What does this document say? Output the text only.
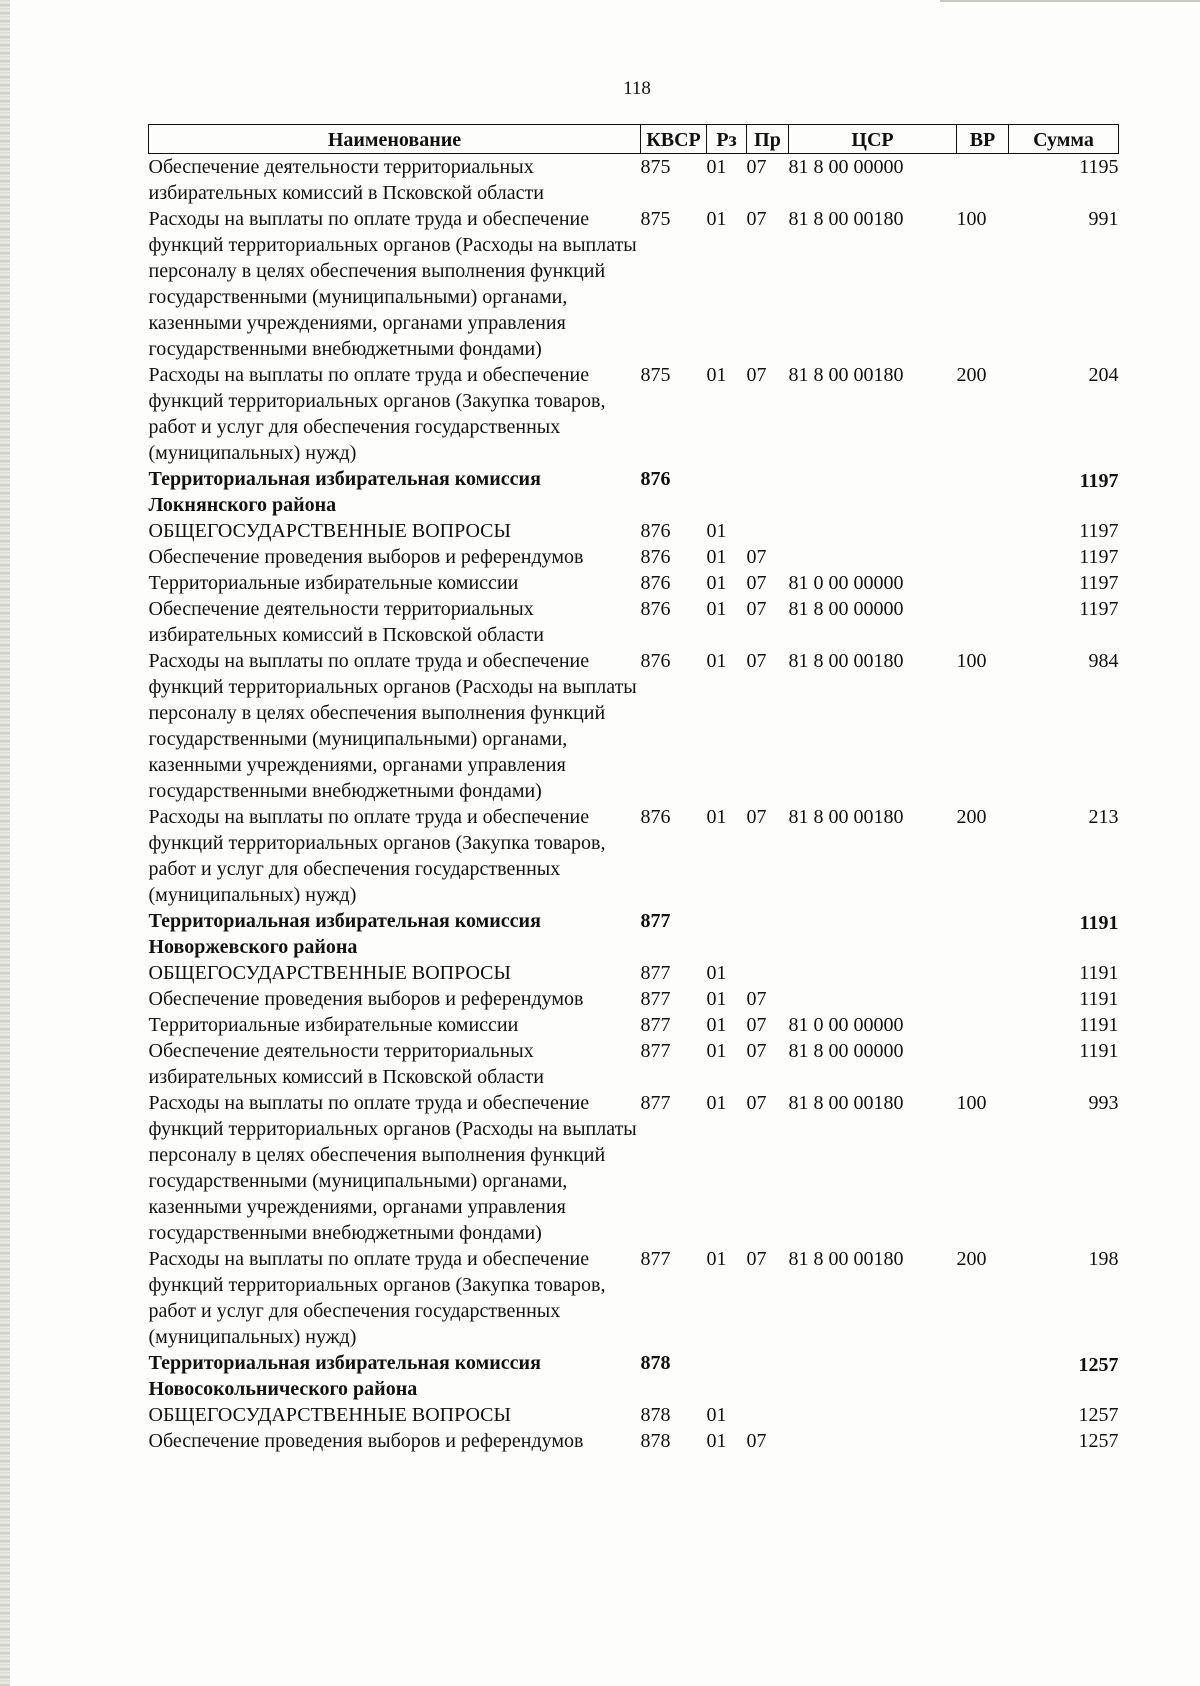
118
Наименование	КВСР	Рз	Пр	ЦСР	ВР	Сумма
Обеспечение деятельности территориальных избирательных комиссий в Псковской области	875	01	07	81 8 00 00000		1195
Расходы на выплаты по оплате труда и обеспечение функций территориальных органов (Расходы на выплаты персоналу в целях обеспечения выполнения функций государственными (муниципальными) органами, казенными учреждениями, органами управления государственными внебюджетными фондами)	875	01	07	81 8 00 00180	100	991
Расходы на выплаты по оплате труда и обеспечение функций территориальных органов (Закупка товаров, работ и услуг для обеспечения государственных (муниципальных) нужд)	875	01	07	81 8 00 00180	200	204
Территориальная избирательная комиссия Локнянского района	876					1197
ОБЩЕГОСУДАРСТВЕННЫЕ ВОПРОСЫ	876	01				1197
Обеспечение проведения выборов и референдумов	876	01	07			1197
Территориальные избирательные комиссии	876	01	07	81 0 00 00000		1197
Обеспечение деятельности территориальных избирательных комиссий в Псковской области	876	01	07	81 8 00 00000		1197
Расходы на выплаты по оплате труда и обеспечение функций территориальных органов (Расходы на выплаты персоналу в целях обеспечения выполнения функций государственными (муниципальными) органами, казенными учреждениями, органами управления государственными внебюджетными фондами)	876	01	07	81 8 00 00180	100	984
Расходы на выплаты по оплате труда и обеспечение функций территориальных органов (Закупка товаров, работ и услуг для обеспечения государственных (муниципальных) нужд)	876	01	07	81 8 00 00180	200	213
Территориальная избирательная комиссия Новоржевского района	877					1191
ОБЩЕГОСУДАРСТВЕННЫЕ ВОПРОСЫ	877	01				1191
Обеспечение проведения выборов и референдумов	877	01	07			1191
Территориальные избирательные комиссии	877	01	07	81 0 00 00000		1191
Обеспечение деятельности территориальных избирательных комиссий в Псковской области	877	01	07	81 8 00 00000		1191
Расходы на выплаты по оплате труда и обеспечение функций территориальных органов (Расходы на выплаты персоналу в целях обеспечения выполнения функций государственными (муниципальными) органами, казенными учреждениями, органами управления государственными внебюджетными фондами)	877	01	07	81 8 00 00180	100	993
Расходы на выплаты по оплате труда и обеспечение функций территориальных органов (Закупка товаров, работ и услуг для обеспечения государственных (муниципальных) нужд)	877	01	07	81 8 00 00180	200	198
Территориальная избирательная комиссия Новосокольнического района	878					1257
ОБЩЕГОСУДАРСТВЕННЫЕ ВОПРОСЫ	878	01				1257
Обеспечение проведения выборов и референдумов	878	01	07			1257
